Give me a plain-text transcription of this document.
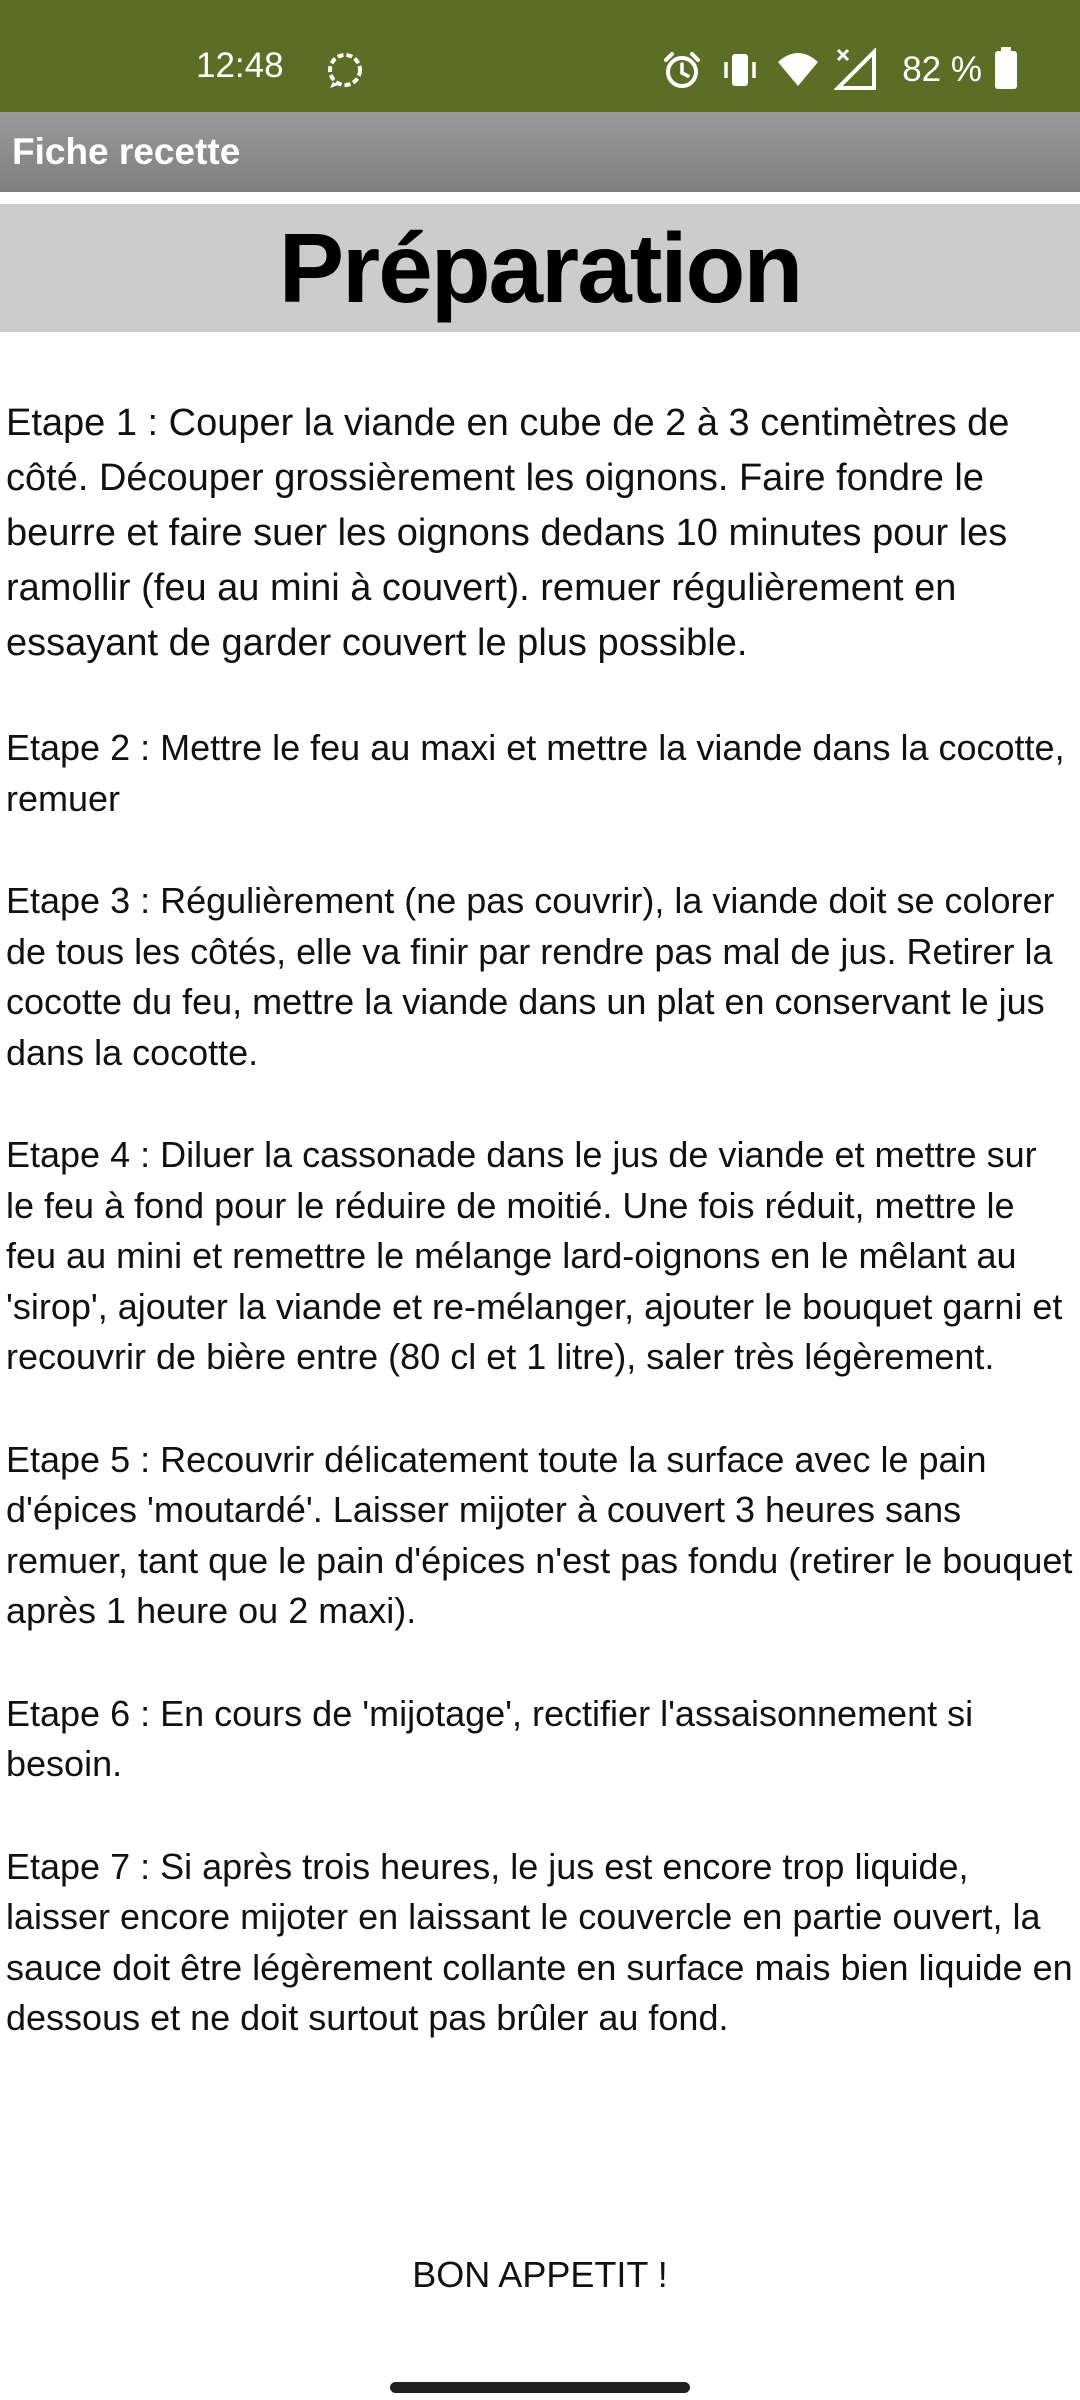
12:48	82 %
Fiche recette
Préparation

Etape 1 : Couper la viande en cube de 2 à 3 centimètres de côté. Découper grossièrement les oignons. Faire fondre le beurre et faire suer les oignons dedans 10 minutes pour les ramollir (feu au mini à couvert). remuer régulièrement en essayant de garder couvert le plus possible.

Etape 2 : Mettre le feu au maxi et mettre la viande dans la cocotte, remuer

Etape 3 : Régulièrement (ne pas couvrir), la viande doit se colorer de tous les côtés, elle va finir par rendre pas mal de jus. Retirer la cocotte du feu, mettre la viande dans un plat en conservant le jus dans la cocotte.

Etape 4 : Diluer la cassonade dans le jus de viande et mettre sur le feu à fond pour le réduire de moitié. Une fois réduit, mettre le feu au mini et remettre le mélange lard-oignons en le mêlant au 'sirop', ajouter la viande et re-mélanger, ajouter le bouquet garni et recouvrir de bière entre (80 cl et 1 litre), saler très légèrement.

Etape 5 : Recouvrir délicatement toute la surface avec le pain d'épices 'moutardé'. Laisser mijoter à couvert 3 heures sans remuer, tant que le pain d'épices n'est pas fondu (retirer le bouquet après 1 heure ou 2 maxi).

Etape 6 : En cours de 'mijotage', rectifier l'assaisonnement si besoin.

Etape 7 : Si après trois heures, le jus est encore trop liquide, laisser encore mijoter en laissant le couvercle en partie ouvert, la sauce doit être légèrement collante en surface mais bien liquide en dessous et ne doit surtout pas brûler au fond.

BON APPETIT !
